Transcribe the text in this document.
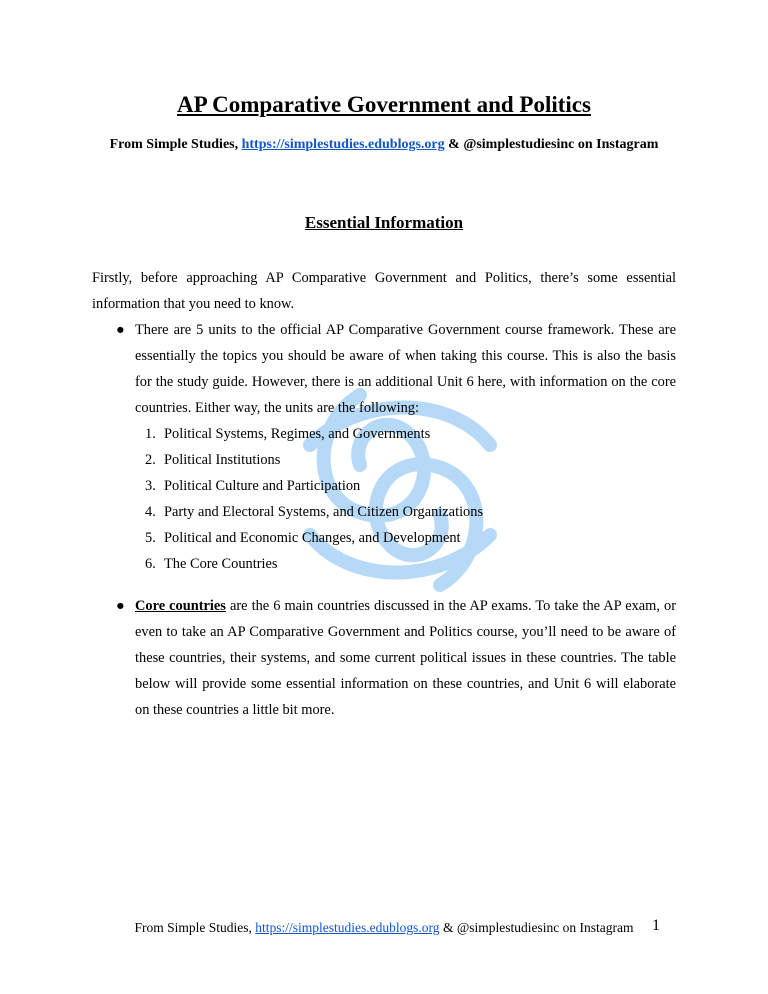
AP Comparative Government and Politics
From Simple Studies, https://simplestudies.edublogs.org & @simplestudiesinc on Instagram
Essential Information
Firstly, before approaching AP Comparative Government and Politics, there’s some essential information that you need to know.
● There are 5 units to the official AP Comparative Government course framework. These are essentially the topics you should be aware of when taking this course. This is also the basis for the study guide. However, there is an additional Unit 6 here, with information on the core countries. Either way, the units are the following:
1. Political Systems, Regimes, and Governments
2. Political Institutions
3. Political Culture and Participation
4. Party and Electoral Systems, and Citizen Organizations
5. Political and Economic Changes, and Development
6. The Core Countries
● Core countries are the 6 main countries discussed in the AP exams. To take the AP exam, or even to take an AP Comparative Government and Politics course, you’ll need to be aware of these countries, their systems, and some current political issues in these countries. The table below will provide some essential information on these countries, and Unit 6 will elaborate on these countries a little bit more.
From Simple Studies, https://simplestudies.edublogs.org & @simplestudiesinc on Instagram	1
